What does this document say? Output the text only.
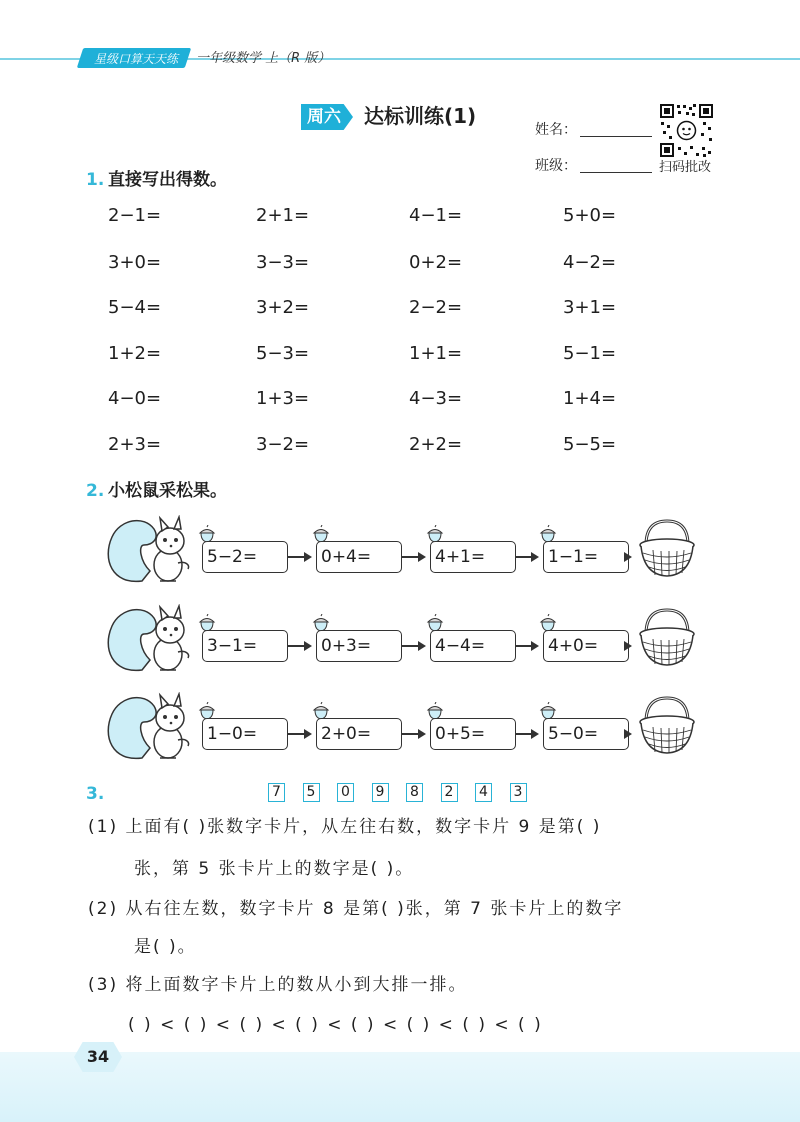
星级口算天天练	一年级数学 上（R 版）
周六 达标训练(1)
姓名：
班级：	扫码批改
1. 直接写出得数。
2−1=	2+1=	4−1=	5+0=
3+0=	3−3=	0+2=	4−2=
5−4=	3+2=	2−2=	3+1=
1+2=	5−3=	1+1=	5−1=
4−0=	1+3=	4−3=	1+4=
2+3=	3−2=	2+2=	5−5=
2. 小松鼠采松果。
5−2=	0+4=	4+1=	1−1=
3−1=	0+3=	4−4=	4+0=
1−0=	2+0=	0+5=	5−0=
3.	7 5 0 9 8 2 4 3
(1) 上面有( )张数字卡片，从左往右数，数字卡片 9 是第( )
张，第 5 张卡片上的数字是( )。
(2) 从右往左数，数字卡片 8 是第( )张，第 7 张卡片上的数字
是( )。
(3) 将上面数字卡片上的数从小到大排一排。
( ) < ( ) < ( ) < ( ) < ( ) < ( ) < ( ) < ( )
34
